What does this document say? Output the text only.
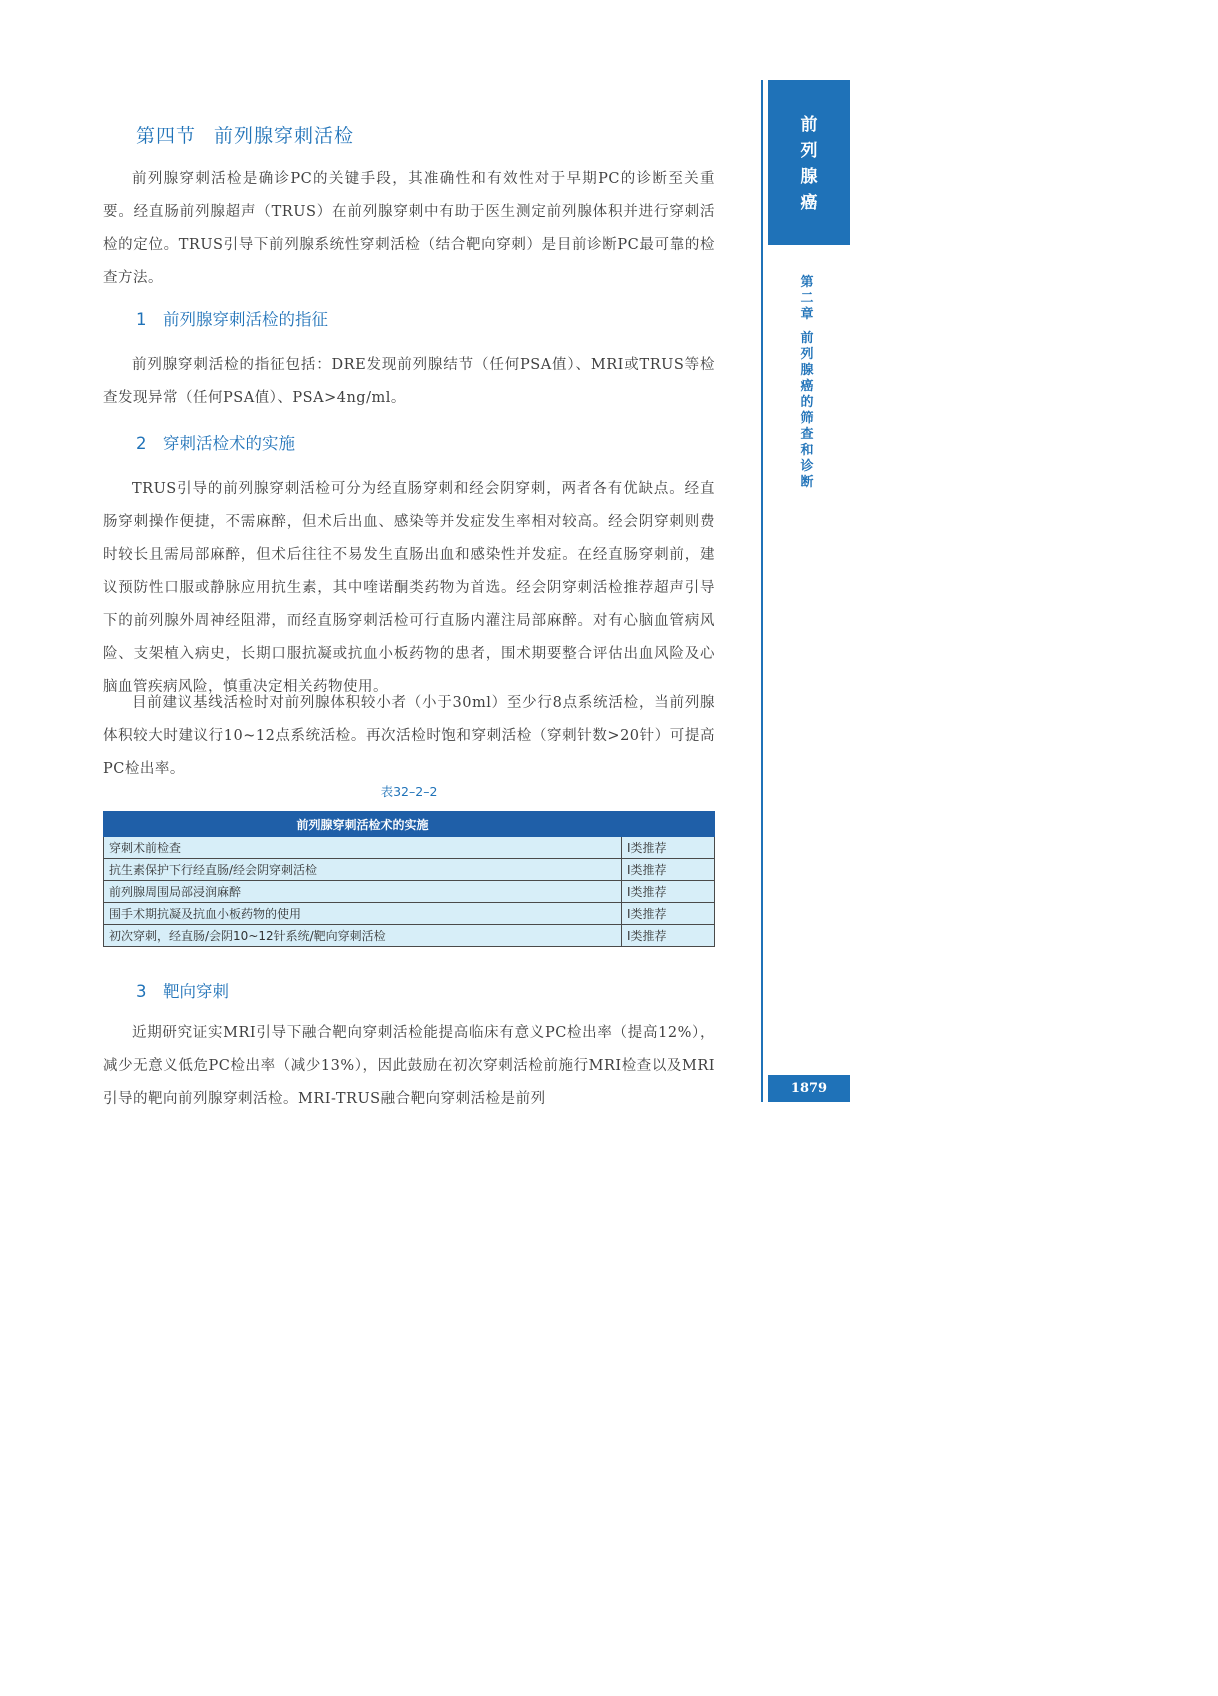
第四节 前列腺穿刺活检
前列腺穿刺活检是确诊PC的关键手段，其准确性和有效性对于早期PC的诊断至关重要。经直肠前列腺超声（TRUS）在前列腺穿刺中有助于医生测定前列腺体积并进行穿刺活检的定位。TRUS引导下前列腺系统性穿刺活检（结合靶向穿刺）是目前诊断PC最可靠的检查方法。
1 前列腺穿刺活检的指征
前列腺穿刺活检的指征包括：DRE发现前列腺结节（任何PSA值）、MRI或TRUS等检查发现异常（任何PSA值）、PSA>4ng/ml。
2 穿刺活检术的实施
TRUS引导的前列腺穿刺活检可分为经直肠穿刺和经会阴穿刺，两者各有优缺点。经直肠穿刺操作便捷，不需麻醉，但术后出血、感染等并发症发生率相对较高。经会阴穿刺则费时较长且需局部麻醉，但术后往往不易发生直肠出血和感染性并发症。在经直肠穿刺前，建议预防性口服或静脉应用抗生素，其中喹诺酮类药物为首选。经会阴穿刺活检推荐超声引导下的前列腺外周神经阻滞，而经直肠穿刺活检可行直肠内灌注局部麻醉。对有心脑血管病风险、支架植入病史，长期口服抗凝或抗血小板药物的患者，围术期要整合评估出血风险及心脑血管疾病风险，慎重决定相关药物使用。
目前建议基线活检时对前列腺体积较小者（小于30ml）至少行8点系统活检，当前列腺体积较大时建议行10~12点系统活检。再次活检时饱和穿刺活检（穿刺针数>20针）可提高PC检出率。
表32–2–2
前列腺穿刺活检术的实施	
穿刺术前检查	Ⅰ类推荐
抗生素保护下行经直肠/经会阴穿刺活检	Ⅰ类推荐
前列腺周围局部浸润麻醉	Ⅰ类推荐
围手术期抗凝及抗血小板药物的使用	Ⅰ类推荐
初次穿刺，经直肠/会阴10~12针系统/靶向穿刺活检	Ⅰ类推荐
3 靶向穿刺
近期研究证实MRI引导下融合靶向穿刺活检能提高临床有意义PC检出率（提高12%），减少无意义低危PC检出率（减少13%），因此鼓励在初次穿刺活检前施行MRI检查以及MRI引导的靶向前列腺穿刺活检。MRI-TRUS融合靶向穿刺活检是前列
前
列
腺
癌
第
二
章
前
列
腺
癌
的
筛
查
和
诊
断
1879
